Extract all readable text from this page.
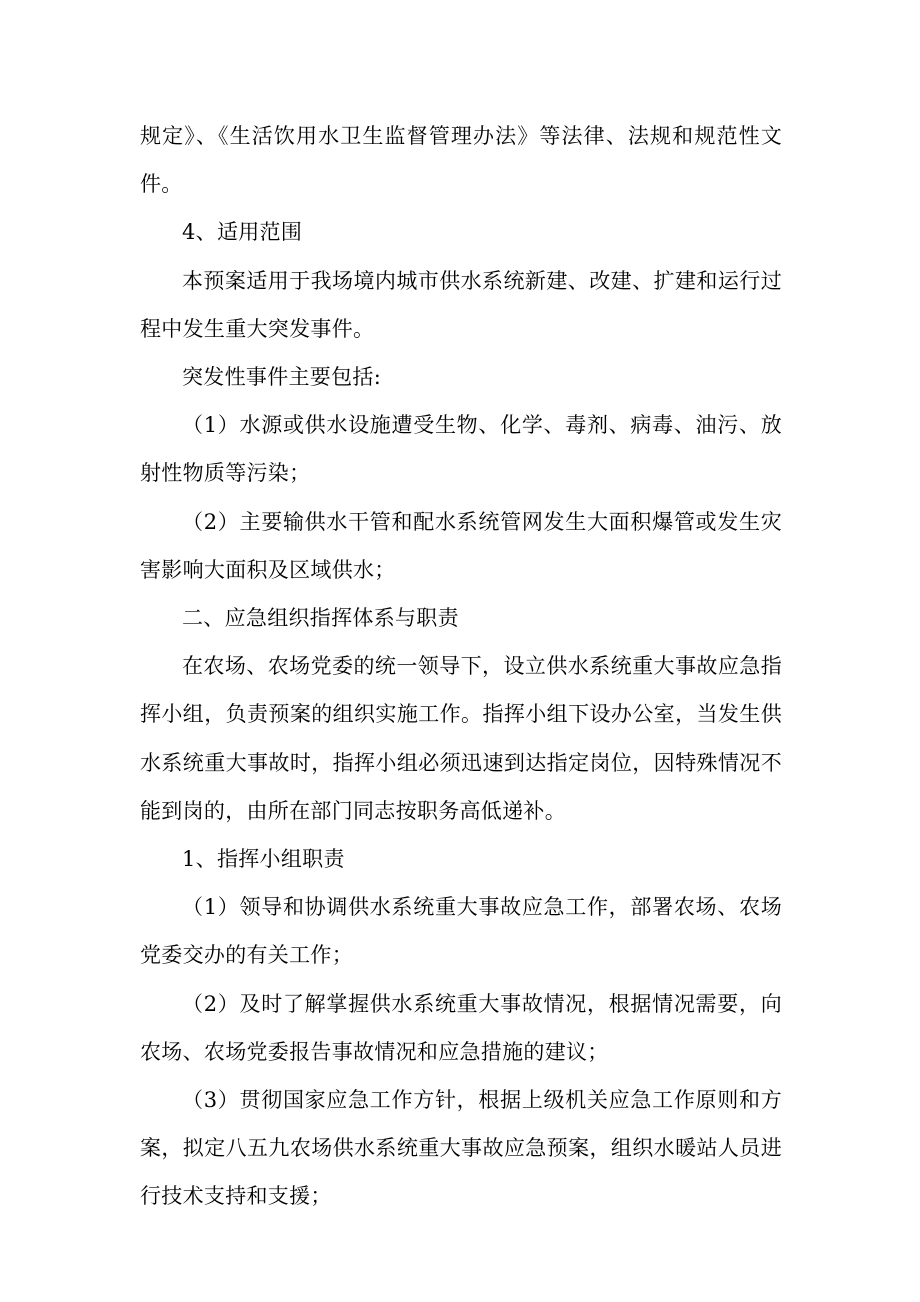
规定》、《生活饮用水卫生监督管理办法》等法律、法规和规范性文件。

4、适用范围

本预案适用于我场境内城市供水系统新建、改建、扩建和运行过程中发生重大突发事件。

突发性事件主要包括:

（1）水源或供水设施遭受生物、化学、毒剂、病毒、油污、放射性物质等污染；

（2）主要输供水干管和配水系统管网发生大面积爆管或发生灾害影响大面积及区域供水；

二、应急组织指挥体系与职责

在农场、农场党委的统一领导下，设立供水系统重大事故应急指挥小组，负责预案的组织实施工作。指挥小组下设办公室，当发生供水系统重大事故时，指挥小组必须迅速到达指定岗位，因特殊情况不能到岗的，由所在部门同志按职务高低递补。

1、指挥小组职责

（1）领导和协调供水系统重大事故应急工作，部署农场、农场党委交办的有关工作；

（2）及时了解掌握供水系统重大事故情况，根据情况需要，向农场、农场党委报告事故情况和应急措施的建议；

（3）贯彻国家应急工作方针，根据上级机关应急工作原则和方案，拟定八五九农场供水系统重大事故应急预案，组织水暖站人员进行技术支持和支援；
